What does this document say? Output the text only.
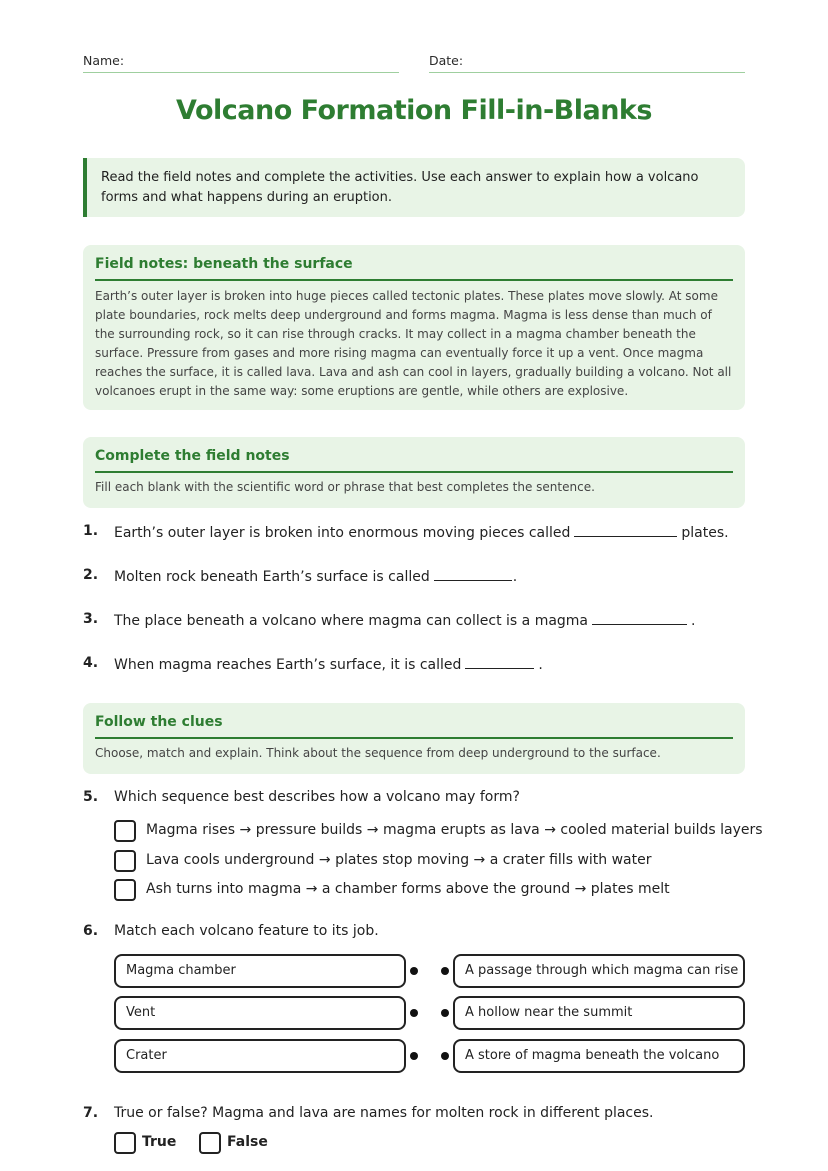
Name:	Date:
Volcano Formation Fill-in-Blanks
Read the field notes and complete the activities. Use each answer to explain how a volcano forms and what happens during an eruption.
Field notes: beneath the surface

Earth’s outer layer is broken into huge pieces called tectonic plates. These plates move slowly. At some plate boundaries, rock melts deep underground and forms magma. Magma is less dense than much of the surrounding rock, so it can rise through cracks. It may collect in a magma chamber beneath the surface. Pressure from gases and more rising magma can eventually force it up a vent. Once magma reaches the surface, it is called lava. Lava and ash can cool in layers, gradually building a volcano. Not all volcanoes erupt in the same way: some eruptions are gentle, while others are explosive.

Complete the field notes

Fill each blank with the scientific word or phrase that best completes the sentence.

1. Earth’s outer layer is broken into enormous moving pieces called	plates.
2. Molten rock beneath Earth’s surface is called	.
3. The place beneath a volcano where magma can collect is a magma	.
4. When magma reaches Earth’s surface, it is called	.
Follow the clues

Choose, match and explain. Think about the sequence from deep underground to the surface.

5. Which sequence best describes how a volcano may form?
Magma rises → pressure builds → magma erupts as lava → cooled material builds layers
Lava cools underground → plates stop moving → a crater fills with water
Ash turns into magma → a chamber forms above the ground → plates melt
6. Match each volcano feature to its job.
Magma chamber
Vent
Crater
A passage through which magma can rise
A hollow near the summit
A store of magma beneath the volcano
7. True or false? Magma and lava are names for molten rock in different places.
True	False
